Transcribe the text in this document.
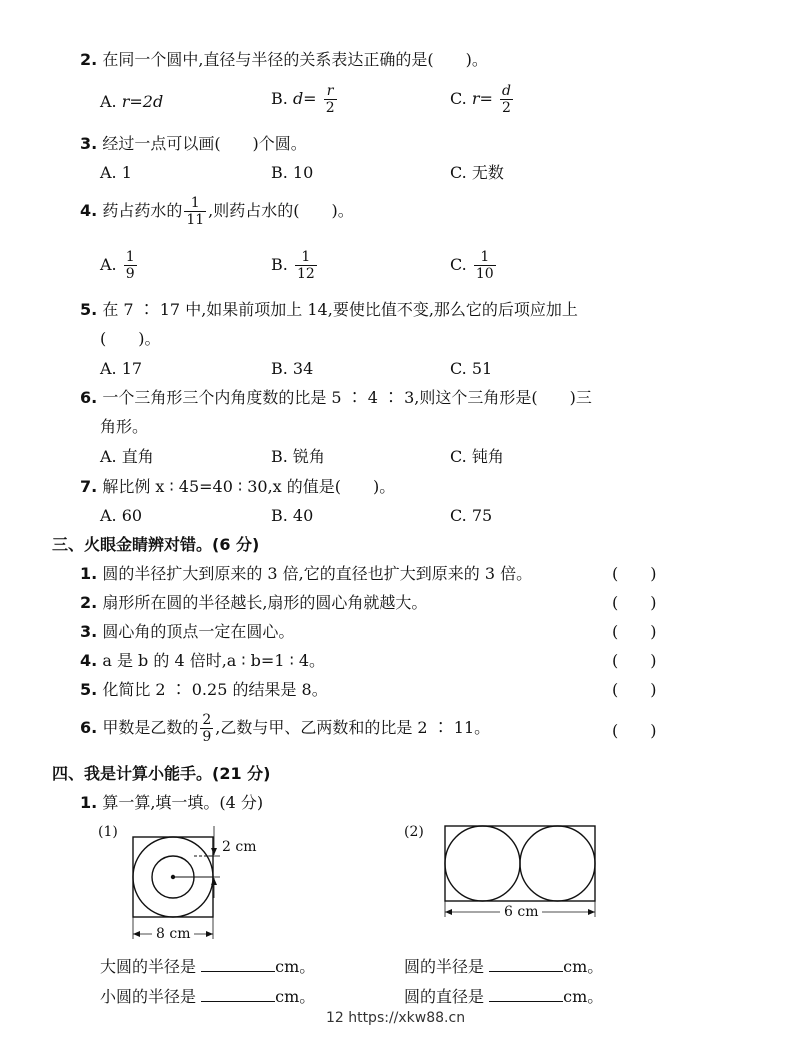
2. 在同一个圆中,直径与半径的关系表达正确的是(　　)。
A. r=2d	B. $d= \frac{r}{2}$	C. $r= \frac{d}{2}$
3. 经过一点可以画(　　)个圆。
A. 1	B. 10	C. 无数
4. 药占药水的 $\frac{1}{11}$ ,则药占水的(　　)。
A. $\frac{1}{9}$	B. $\frac{1}{12}$	C. $\frac{1}{10}$
5. 在 7 ∶ 17 中,如果前项加上 14,要使比值不变,那么它的后项应加上
(　　)。
A. 17	B. 34	C. 51
6. 一个三角形三个内角度数的比是 5 ∶ 4 ∶ 3,则这个三角形是(　　)三
角形。
A. 直角	B. 锐角	C. 钝角
7. 解比例 x ∶ 45=40 ∶ 30,x 的值是(　　)。
A. 60	B. 40	C. 75
三、火眼金睛辨对错。(6 分)
1. 圆的半径扩大到原来的 3 倍,它的直径也扩大到原来的 3 倍。	(　　)
2. 扇形所在圆的半径越长,扇形的圆心角就越大。	(　　)
3. 圆心角的顶点一定在圆心。	(　　)
4. a 是 b 的 4 倍时,a ∶ b=1 ∶ 4。	(　　)
5. 化简比 2 ∶ 0.25 的结果是 8。	(　　)
6. 甲数是乙数的 $\frac{2}{9}$ ,乙数与甲、乙两数和的比是 2 ∶ 11。	(　　)
四、我是计算小能手。(21 分)
1. 算一算,填一填。(4 分)
(1)
2 cm
8 cm
(2)
6 cm
大圆的半径是	cm。
小圆的半径是	cm。
圆的半径是	cm。
圆的直径是	cm。
12 https://xkw88.cn
